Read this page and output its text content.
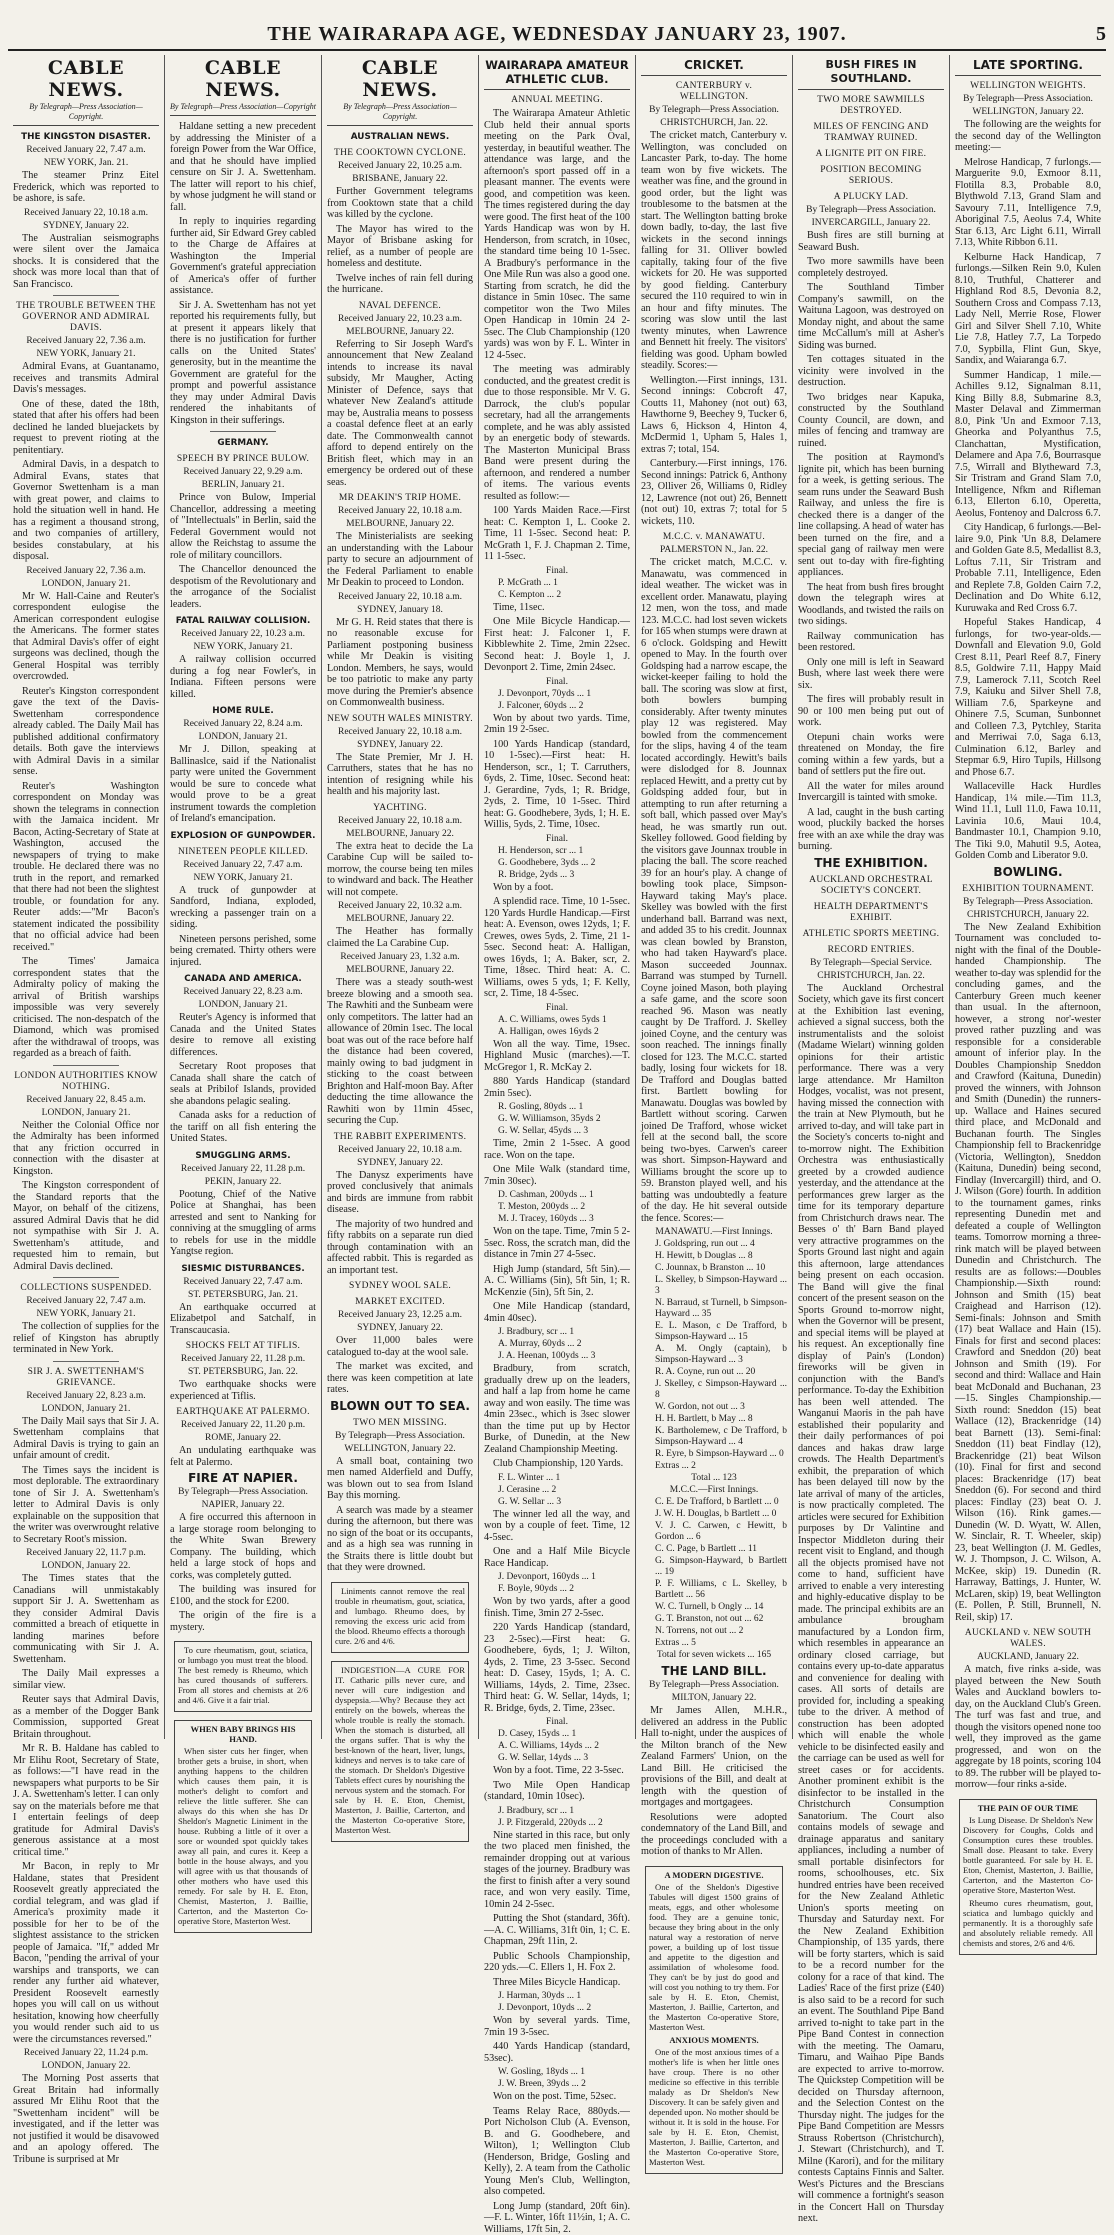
THE WAIRARAPA AGE, WEDNESDAY JANUARY 23, 1907.	5
CABLE NEWS.
By Telegraph—Press Association—Copyright.
THE KINGSTON DISASTER.
Received January 22, 7.47 a.m.
NEW YORK, Jan. 21.

The steamer Prinz Eitel Frederick, which was reported to be ashore, is safe.

Received January 22, 10.18 a.m.
SYDNEY, January 22.

The Australian seismographs were silent over the Jamaica shocks. It is considered that the shock was more local than that of San Francisco.

THE TROUBLE BETWEEN THE GOVERNOR AND ADMIRAL DAVIS.
Received January 22, 7.36 a.m.
NEW YORK, January 21.

Admiral Evans, at Guantanamo, receives and transmits Admiral Davis's messages.

One of these, dated the 18th, stated that after his offers had been declined he landed bluejackets by request to prevent rioting at the penitentiary.

Admiral Davis, in a despatch to Admiral Evans, states that Governor Swettenham is a man with great power, and claims to hold the situation well in hand. He has a regiment a thousand strong, and two companies of artillery, besides constabulary, at his disposal.

Received January 22, 7.36 a.m.
LONDON, January 21.

Mr W. Hall-Caine and Reuter's correspondent eulogise the American correspondent eulogise the Americans. The former states that Admiral Davis's offer of eight surgeons was declined, though the General Hospital was terribly overcrowded.

Reuter's Kingston correspondent gave the text of the Davis-Swettenham correspondence already cabled. The Daily Mail has published additional confirmatory details. Both gave the interviews with Admiral Davis in a similar sense.

Reuter's Washington correspondent on Monday was shown the telegrams in connection with the Jamaica incident. Mr Bacon, Acting-Secretary of State at Washington, accused the newspapers of trying to make trouble. He declared there was no truth in the report, and remarked that there had not been the slightest trouble, or foundation for any. Reuter adds:—"Mr Bacon's statement indicated the possibility that no official advice had been received."

The Times' Jamaica correspondent states that the Admiralty policy of making the arrival of British warships impossible was very severely criticised. The non-despatch of the Diamond, which was promised after the withdrawal of troops, was regarded as a breach of faith.

LONDON AUTHORITIES KNOW NOTHING.
Received January 22, 8.45 a.m.
LONDON, January 21.

Neither the Colonial Office nor the Admiralty has been informed that any friction occurred in connection with the disaster at Kingston.

The Kingston correspondent of the Standard reports that the Mayor, on behalf of the citizens, assured Admiral Davis that he did not sympathise with Sir J. A. Swettenham's attitude, and requested him to remain, but Admiral Davis declined.

COLLECTIONS SUSPENDED.
Received January 22, 7.47 a.m.
NEW YORK, January 21.

The collection of supplies for the relief of Kingston has abruptly terminated in New York.

SIR J. A. SWETTENHAM'S GRIEVANCE.
Received January 22, 8.23 a.m.
LONDON, January 21.

The Daily Mail says that Sir J. A. Swettenham complains that Admiral Davis is trying to gain an unfair amount of credit.

The Times says the incident is most deplorable. The extraordinary tone of Sir J. A. Swettenham's letter to Admiral Davis is only explainable on the supposition that the writer was overwrought relative to Secretary Root's mission.

Received January 22, 11.7 p.m.
LONDON, January 22.

The Times states that the Canadians will unmistakably support Sir J. A. Swettenham as they consider Admiral Davis committed a breach of etiquette in landing marines before communicating with Sir J. A. Swettenham.

The Daily Mail expresses a similar view.

Reuter says that Admiral Davis, as a member of the Dogger Bank Commission, supported Great Britain throughout.

Mr R. B. Haldane has cabled to Mr Elihu Root, Secretary of State, as follows:—"I have read in the newspapers what purports to be Sir J. A. Swettenham's letter. I can only say on the materials before me that I entertain feelings of deep gratitude for Admiral Davis's generous assistance at a most critical time."

Mr Bacon, in reply to Mr Haldane, states that President Roosevelt greatly appreciated the cordial telegram, and was glad if America's proximity made it possible for her to be of the slightest assistance to the stricken people of Jamaica. "If," added Mr Bacon, "pending the arrival of your warships and transports, we can render any further aid whatever, President Roosevelt earnestly hopes you will call on us without hesitation, knowing how cheerfully you would render such aid to us were the circumstances reversed."

Received January 22, 11.24 p.m.
LONDON, January 22.

The Morning Post asserts that Great Britain had informally assured Mr Elihu Root that the "Swettenham incident" will be investigated, and if the letter was not justified it would be disavowed and an apology offered. The Tribune is surprised at Mr

CABLE NEWS.
By Telegraph—Press Association—Copyright

Haldane setting a new precedent by addressing the Minister of a foreign Power from the War Office, and that he should have implied censure on Sir J. A. Swettenham. The latter will report to his chief, by whose judgment he will stand or fall.

In reply to inquiries regarding further aid, Sir Edward Grey cabled to the Charge de Affaires at Washington the Imperial Government's grateful appreciation of America's offer of further assistance.

Sir J. A. Swettenham has not yet reported his requirements fully, but at present it appears likely that there is no justification for further calls on the United States' generosity, but in the meantime the Government are grateful for the prompt and powerful assistance they may under Admiral Davis rendered the inhabitants of Kingston in their sufferings.

GERMANY.
SPEECH BY PRINCE BULOW.
Received January 22, 9.29 a.m.
BERLIN, January 21.

Prince von Bulow, Imperial Chancellor, addressing a meeting of "Intellectuals" in Berlin, said the Federal Government would not allow the Reichstag to assume the role of military councillors.

The Chancellor denounced the despotism of the Revolutionary and the arrogance of the Socialist leaders.

FATAL RAILWAY COLLISION.
Received January 22, 10.23 a.m.
NEW YORK, January 21.

A railway collision occurred during a fog near Fowler's, in Indiana. Fifteen persons were killed.

HOME RULE.
Received January 22, 8.24 a.m.
LONDON, January 21.

Mr J. Dillon, speaking at Ballinaslce, said if the Nationalist party were united the Government would be sure to concede what would prove to be a great instrument towards the completion of Ireland's emancipation.

EXPLOSION OF GUNPOWDER.
NINETEEN PEOPLE KILLED.
Received January 22, 7.47 a.m.
NEW YORK, January 21.

A truck of gunpowder at Sandford, Indiana, exploded, wrecking a passenger train on a siding.

Nineteen persons perished, some being cremated. Thirty others were injured.

CANADA AND AMERICA.
Received January 22, 8.23 a.m.
LONDON, January 21.

Reuter's Agency is informed that Canada and the United States desire to remove all existing differences.

Secretary Root proposes that Canada shall share the catch of seals at Pribilof Islands, provided she abandons pelagic sealing.

Canada asks for a reduction of the tariff on all fish entering the United States.

SMUGGLING ARMS.
Received January 22, 11.28 p.m.
PEKIN, January 22.

Pootung, Chief of the Native Police at Shanghai, has been arrested and sent to Nanking for conniving at the smuggling of arms to rebels for use in the middle Yangtse region.

SIESMIC DISTURBANCES.
Received January 22, 7.47 a.m.
ST. PETERSBURG, Jan. 21.

An earthquake occurred at Elizabetpol and Satchalf, in Transcaucasia.

SHOCKS FELT AT TIFLIS.
Received January 22, 11.28 p.m.
ST. PETERSBURG, Jan. 22.

Two earthquake shocks were experienced at Tiflis.

EARTHQUAKE AT PALERMO.
Received January 22, 11.20 p.m.
ROME, January 22.

An undulating earthquake was felt at Palermo.

FIRE AT NAPIER.
By Telegraph—Press Association.
NAPIER, January 22.

A fire occurred this afternoon in a large storage room belonging to the White Swan Brewery Company. The building, which held a large stock of hops and corks, was completely gutted.

The building was insured for £100, and the stock for £200.

The origin of the fire is a mystery.

To cure rheumatism, gout, sciatica, or lumbago you must treat the blood. The best remedy is Rheumo, which has cured thousands of sufferers. From all stores and chemists at 2/6 and 4/6. Give it a fair trial.

WHEN BABY BRINGS HIS HAND.

When sister cuts her finger, when brother gets a bruise, in short, when anything happens to the children which causes them pain, it is mother's delight to comfort and relieve the little sufferer. She can always do this when she has Dr Sheldon's Magnetic Liniment in the house. Rubbing a little of it over a sore or wounded spot quickly takes away all pain, and cures it. Keep a bottle in the house always, and you will agree with us that thousands of other mothers who have used this remedy. For sale by H. E. Eton, Chemist, Masterton, J. Baillie, Carterton, and the Masterton Co-operative Store, Masterton West.

CABLE NEWS.
By Telegraph—Press Association—Copyright.
AUSTRALIAN NEWS.
THE COOKTOWN CYCLONE.
Received January 22, 10.25 a.m.
BRISBANE, January 22.

Further Government telegrams from Cooktown state that a child was killed by the cyclone.

The Mayor has wired to the Mayor of Brisbane asking for relief, as a number of people are homeless and destitute.

Twelve inches of rain fell during the hurricane.

NAVAL DEFENCE.
Received January 22, 10.23 a.m.
MELBOURNE, January 22.

Referring to Sir Joseph Ward's announcement that New Zealand intends to increase its naval subsidy, Mr Maugher, Acting Minister of Defence, says that whatever New Zealand's attitude may be, Australia means to possess a coastal defence fleet at an early date. The Commonwealth cannot afford to depend entirely on the British fleet, which may in an emergency be ordered out of these seas.

MR DEAKIN'S TRIP HOME.
Received January 22, 10.18 a.m.
MELBOURNE, January 22.

The Ministerialists are seeking an understanding with the Labour party to secure an adjournment of the Federal Parliament to enable Mr Deakin to proceed to London.

Received January 22, 10.18 a.m.
SYDNEY, January 18.

Mr G. H. Reid states that there is no reasonable excuse for Parliament postponing business while Mr Deakin is visiting London. Members, he says, would be too patriotic to make any party move during the Premier's absence on Commonwealth business.

NEW SOUTH WALES MINISTRY.
Received January 22, 10.18 a.m.
SYDNEY, January 22.

The State Premier, Mr J. H. Carruthers, states that he has no intention of resigning while his health and his majority last.

YACHTING.
Received January 22, 10.18 a.m.
MELBOURNE, January 22.

The extra heat to decide the La Carabine Cup will be sailed to-morrow, the course being ten miles to windward and back. The Heather will not compete.

Received January 22, 10.32 a.m.
MELBOURNE, January 22.

The Heather has formally claimed the La Carabine Cup.

Received January 23, 1.32 a.m.
MELBOURNE, January 22.

There was a steady south-west breeze blowing and a smooth sea. The Rawhiti and the Sunbeam were only competitors. The latter had an allowance of 20min 1sec. The local boat was out of the race before half the distance had been covered, mainly owing to bad judgment in sticking to the coast between Brighton and Half-moon Bay. After deducting the time allowance the Rawhiti won by 11min 45sec, securing the Cup.

THE RABBIT EXPERIMENTS.
Received January 22, 10.18 a.m.
SYDNEY, January 22.

The Danysz experiments have proved conclusively that animals and birds are immune from rabbit disease.

The majority of two hundred and fifty rabbits on a separate run died through contamination with an affected rabbit. This is regarded as an important test.

SYDNEY WOOL SALE.
MARKET EXCITED.
Received January 23, 12.25 a.m.
SYDNEY, January 22.

Over 11,000 bales were catalogued to-day at the wool sale.

The market was excited, and there was keen competition at late rates.

BLOWN OUT TO SEA.
TWO MEN MISSING.
By Telegraph—Press Association.
WELLINGTON, January 22.

A small boat, containing two men named Alderfield and Duffy, was blown out to sea from Island Bay this morning.

A search was made by a steamer during the afternoon, but there was no sign of the boat or its occupants, and as a high sea was running in the Straits there is little doubt but that they were drowned.

Liniments cannot remove the real trouble in rheumatism, gout, sciatica, and lumbago. Rheumo does, by removing the excess uric acid from the blood. Rheumo effects a thorough cure. 2/6 and 4/6.

INDIGESTION—A CURE FOR IT. Catharic pills never cure, and never will cure indigestion and dyspepsia.—Why? Because they act entirely on the bowels, whereas the whole trouble is really the stomach. When the stomach is disturbed, all the organs suffer. That is why the best-known of the heart, liver, lungs, kidneys and nerves is to take care of the stomach. Dr Sheldon's Digestive Tablets effect cures by nourishing the nervous system and the stomach. For sale by H. E. Eton, Chemist, Masterton, J. Baillie, Carterton, and the Masterton Co-operative Store, Masterton West.

WAIRARAPA AMATEUR ATHLETIC CLUB.
ANNUAL MEETING.

The Wairarapa Amateur Athletic Club held their annual sports meeting on the Park Oval, yesterday, in beautiful weather. The attendance was large, and the afternoon's sport passed off in a pleasant manner. The events were good, and competition was keen. The times registered during the day were good. The first heat of the 100 Yards Handicap was won by H. Henderson, from scratch, in 10sec, the standard time being 10 1-5sec. A Bradbury's performance in the One Mile Run was also a good one. Starting from scratch, he did the distance in 5min 10sec. The same competitor won the Two Miles Open Handicap in 10min 24 2-5sec. The Club Championship (120 yards) was won by F. L. Winter in 12 4-5sec.

The meeting was admirably conducted, and the greatest credit is due to those responsible. Mr V. G. Darrock, the club's popular secretary, had all the arrangements complete, and he was ably assisted by an energetic body of stewards. The Masterton Municipal Brass Band were present during the afternoon, and rendered a number of items. The various events resulted as follow:—

100 Yards Maiden Race.—First heat: C. Kempton 1, L. Cooke 2. Time, 11 1-5sec. Second heat: P. McGrath 1, F. J. Chapman 2. Time, 11 1-5sec.

Final.
P. McGrath ... 1
C. Kempton ... 2

Time, 11sec.

One Mile Bicycle Handicap.—First heat: J. Falconer 1, F. Kibblewhite 2. Time, 2min 22sec. Second heat: J. Boyle 1, J. Devonport 2. Time, 2min 24sec.

Final.
J. Devonport, 70yds ... 1
J. Falconer, 60yds ... 2

Won by about two yards. Time, 2min 19 2-5sec.

100 Yards Handicap (standard, 10 1-5sec).—First heat: H. Henderson, scr., 1; T. Carruthers, 6yds, 2. Time, 10sec. Second heat: J. Gerardine, 7yds, 1; R. Bridge, 2yds, 2. Time, 10 1-5sec. Third heat: G. Goodhebere, 3yds, 1; H. E. Willis, 5yds, 2. Time, 10sec.

Final.
H. Henderson, scr ... 1
G. Goodhebere, 3yds ... 2
R. Bridge, 2yds ... 3

Won by a foot.

A splendid race. Time, 10 1-5sec. 120 Yards Hurdle Handicap.—First heat: A. Evenson, owes 12yds, 1; F. Crewes, owes 5yds, 2. Time, 21 1-5sec. Second heat: A. Halligan, owes 16yds, 1; A. Baker, scr, 2. Time, 18sec. Third heat: A. C. Williams, owes 5 yds, 1; F. Kelly, scr, 2. Time, 18 4-5sec.

Final.
A. C. Williams, owes 5yds 1
A. Halligan, owes 16yds 2

Won all the way. Time, 19sec. Highland Music (marches).—T. McGregor 1, R. McKay 2.

880 Yards Handicap (standard 2min 5sec).

R. Gosling, 80yds ... 1
G. W. Williamson, 35yds 2
G. W. Sellar, 45yds ... 3

Time, 2min 2 1-5sec. A good race. Won on the tape.

One Mile Walk (standard time, 7min 30sec).

D. Cashman, 200yds ... 1
T. Meston, 200yds ... 2
M. J. Tracey, 160yds ... 3

Won on the tape. Time, 7min 5 2-5sec. Ross, the scratch man, did the distance in 7min 27 4-5sec.

High Jump (standard, 5ft 5in).—A. C. Williams (5in), 5ft 5in, 1; R. McKenzie (5in), 5ft 5in, 2.

One Mile Handicap (standard, 4min 40sec).

J. Bradbury, scr ... 1
A. Murray, 60yds ... 2
J. A. Heenan, 100yds ... 3

Bradbury, from scratch, gradually drew up on the leaders, and half a lap from home he came away and won easily. The time was 4min 23sec., which is 3sec slower than the time put up by Hector Burke, of Dunedin, at the New Zealand Championship Meeting.

Club Championship, 120 Yards.

F. L. Winter ... 1
J. Cerasine ... 2
G. W. Sellar ... 3

The winner led all the way, and won by a couple of feet. Time, 12 4-5sec.

One and a Half Mile Bicycle Race Handicap.

J. Devonport, 160yds ... 1
F. Boyle, 90yds ... 2

Won by two yards, after a good finish. Time, 3min 27 2-5sec.

220 Yards Handicap (standard, 23 2-5sec).—First heat: G. Goodhebere, 6yds, 1; J. Wilton, 4yds, 2. Time, 23 3-5sec. Second heat: D. Casey, 15yds, 1; A. C. Williams, 14yds, 2. Time, 23sec. Third heat: G. W. Sellar, 14yds, 1; R. Bridge, 6yds, 2. Time, 23sec.

Final.
D. Casey, 15yds ... 1
A. C. Williams, 14yds ... 2
G. W. Sellar, 14yds ... 3

Won by a foot. Time, 22 3-5sec.

Two Mile Open Handicap (standard, 10min 10sec).

J. Bradbury, scr ... 1
J. P. Fitzgerald, 220yds ... 2

Nine started in this race, but only the two placed men finished, the remainder dropping out at various stages of the journey. Bradbury was the first to finish after a very sound race, and won very easily. Time, 10min 24 2-5sec.

Putting the Shot (standard, 36ft).—A. C. Williams, 31ft 0in, 1; C. E. Chapman, 29ft 11in, 2.

Public Schools Championship, 220 yds.—C. Ellers 1, H. Fox 2.

Three Miles Bicycle Handicap.

J. Harman, 30yds ... 1
J. Devonport, 10yds ... 2

Won by several yards. Time, 7min 19 3-5sec.

440 Yards Handicap (standard, 53sec).

W. Gosling, 18yds ... 1
J. W. Breen, 39yds ... 2

Won on the post. Time, 52sec.

Teams Relay Race, 880yds.—Port Nicholson Club (A. Evenson, B. and G. Goodhebere, and Wilton), 1; Wellington Club (Henderson, Bridge, Gosling and Kelly), 2. A team from the Catholic Young Men's Club, Wellington, also competed.

Long Jump (standard, 20ft 6in).—F. L. Winter, 16ft 11½in, 1; A. C. Williams, 17ft 5in, 2.

CRICKET.
CANTERBURY v. WELLINGTON.
By Telegraph—Press Association.
CHRISTCHURCH, Jan. 22.

The cricket match, Canterbury v. Wellington, was concluded on Lancaster Park, to-day. The home team won by five wickets. The weather was fine, and the ground in good order, but the light was troublesome to the batsmen at the start. The Wellington batting broke down badly, to-day, the last five wickets in the second innings falling for 31. Olliver bowled capitally, taking four of the five wickets for 20. He was supported by good fielding. Canterbury secured the 110 required to win in an hour and fifty minutes. The scoring was slow until the last twenty minutes, when Lawrence and Bennett hit freely. The visitors' fielding was good. Upham bowled steadily. Scores:—

Wellington.—First innings, 131. Second innings: Cobcroft 47, Coutts 11, Mahoney (not out) 63, Hawthorne 9, Beechey 9, Tucker 6, Laws 6, Hickson 4, Hinton 4, McDermid 1, Upham 5, Hales 1, extras 7; total, 154.

Canterbury.—First innings, 176. Second innings: Patrick 6, Anthony 23, Olliver 26, Williams 0, Ridley 12, Lawrence (not out) 26, Bennett (not out) 10, extras 7; total for 5 wickets, 110.

M.C.C. v. MANAWATU.
PALMERSTON N., Jan. 22.

The cricket match, M.C.C. v. Manawatu, was commenced in ideal weather. The wicket was in excellent order. Manawatu, playing 12 men, won the toss, and made 123. M.C.C. had lost seven wickets for 165 when stumps were drawn at 6 o'clock. Goldsping and Hewitt opened to May. In the fourth over Goldsping had a narrow escape, the wicket-keeper failing to hold the ball. The scoring was slow at first, both bowlers bumping considerably. After twenty minutes play 12 was registered. May bowled from the commencement for the slips, having 4 of the team located accordingly. Hewitt's bails were dislodged for 8. Jounnax replaced Hewitt, and a pretty cut by Goldsping added four, but in attempting to run after returning a soft ball, which passed over May's head, he was smartly run out. Skelley followed. Good fielding by the visitors gave Jounnax trouble in placing the ball. The score reached 39 for an hour's play. A change of bowling took place, Simpson-Hayward taking May's place. Skelley was bowled with the first underhand ball. Barrand was next, and added 35 to his credit. Jounnax was clean bowled by Branston, who had taken Hayward's place. Mason succeeded Jounnax. Barrand was stumped by Turnell. Coyne joined Mason, both playing a safe game, and the score soon reached 96. Mason was neatly caught by De Trafford. J. Skelley joined Coyne, and the century was soon reached. The innings finally closed for 123. The M.C.C. started badly, losing four wickets for 18. De Trafford and Douglas batted first. Bartlett bowling for Manawatu. Douglas was bowled by Bartlett without scoring. Carwen joined De Trafford, whose wicket fell at the second ball, the score being two-byes. Carwen's career was short. Simpson-Hayward and Williams brought the score up to 59. Branston played well, and his batting was undoubtedly a feature of the day. He hit several outside the fence. Scores:—

MANAWATU.—First Innings.
J. Goldspring, run out ... 4
H. Hewitt, b Douglas ... 8
C. Jounnax, b Branston ... 10
L. Skelley, b Simpson-Hayward ... 3
N. Barraud, st Turnell, b Simpson-Hayward ... 35
E. L. Mason, c De Trafford, b Simpson-Hayward ... 15
A. M. Ongly (captain), b Simpson-Hayward ... 3
R. A. Coyne, run out ... 20
J. Skelley, c Simpson-Hayward ... 8
W. Gordon, not out ... 3
H. H. Bartlett, b May ... 8
K. Bartholemew, c De Trafford, b Simpson-Hayward ... 4
R. Eyre, b Simpson-Hayward ... 0
Extras ... 2
Total ... 123
M.C.C.—First Innings.
C. E. De Trafford, b Bartlett ... 0
J. W. H. Douglas, b Bartlett ... 0
V. J. C. Carwen, c Hewitt, b Gordon ... 6
C. C. Page, b Bartlett ... 11
G. Simpson-Hayward, b Bartlett ... 19
P. F. Williams, c L. Skelley, b Bartlett ... 56
W. C. Turnell, b Ongly ... 14
G. T. Branston, not out ... 62
N. Torrens, not out ... 2
Extras ... 5
Total for seven wickets ... 165
THE LAND BILL.
By Telegraph—Press Association.
MILTON, January 22.

Mr James Allen, M.H.R., delivered an address in the Public Hall to-night, under the auspices of the Milton branch of the New Zealand Farmers' Union, on the Land Bill. He criticised the provisions of the Bill, and dealt at length with the question of mortgages and mortgagees.

Resolutions were adopted condemnatory of the Land Bill, and the proceedings concluded with a motion of thanks to Mr Allen.

A MODERN DIGESTIVE.

One of the Sheldon's Digestive Tabules will digest 1500 grains of meats, eggs, and other wholesome food. They are a genuine tonic, because they bring about in the only natural way a restoration of nerve power, a building up of lost tissue and appetite to the digestion and assimilation of wholesome food. They can't be by just do good and will cost you nothing to try them. For sale by H. E. Eton, Chemist, Masterton, J. Baillie, Carterton, and the Masterton Co-operative Store, Masterton West.

ANXIOUS MOMENTS.

One of the most anxious times of a mother's life is when her little ones have croup. There is no other medicine so effective in this terrible malady as Dr Sheldon's New Discovery. It can be safely given and depended upon. No mother should be without it. It is sold in the house. For sale by H. E. Eton, Chemist, Masterton, J. Baillie, Carterton, and the Masterton Co-operative Store, Masterton West.

BUSH FIRES IN SOUTHLAND.
TWO MORE SAWMILLS DESTROYED.
MILES OF FENCING AND TRAMWAY RUINED.
A LIGNITE PIT ON FIRE.
POSITION BECOMING SERIOUS.
A PLUCKY LAD.
By Telegraph—Press Association.
INVERCARGILL, January 22.

Bush fires are still burning at Seaward Bush.

Two more sawmills have been completely destroyed.

The Southland Timber Company's sawmill, on the Waituna Lagoon, was destroyed on Monday night, and about the same time McCallum's mill at Asher's Siding was burned.

Ten cottages situated in the vicinity were involved in the destruction.

Two bridges near Kapuka, constructed by the Southland County Council, are down, and miles of fencing and tramway are ruined.

The position at Raymond's lignite pit, which has been burning for a week, is getting serious. The seam runs under the Seaward Bush Railway, and unless the fire is checked there is a danger of the line collapsing. A head of water has been turned on the fire, and a special gang of railway men were sent out to-day with fire-fighting appliances.

The heat from bush fires brought down the telegraph wires at Woodlands, and twisted the rails on two sidings.

Railway communication has been restored.

Only one mill is left in Seaward Bush, where last week there were six.

The fires will probably result in 90 or 100 men being put out of work.

Otepuni chain works were threatened on Monday, the fire coming within a few yards, but a band of settlers put the fire out.

All the water for miles around Invercargill is tainted with smoke.

A lad, caught in the bush carting wood, pluckily backed the horses free with an axe while the dray was burning.

THE EXHIBITION.
AUCKLAND ORCHESTRAL SOCIETY'S CONCERT.
HEALTH DEPARTMENT'S EXHIBIT.
ATHLETIC SPORTS MEETING.
RECORD ENTRIES.
By Telegraph—Special Service.
CHRISTCHURCH, Jan. 22.

The Auckland Orchestral Society, which gave its first concert at the Exhibition last evening, achieved a signal success, both the instrumentalists and the soloist (Madame Wielart) winning golden opinions for their artistic performance. There was a very large attendance. Mr Hamilton Hodges, vocalist, was not present, having missed the connection with the train at New Plymouth, but he arrived to-day, and will take part in the Society's concerts to-night and to-morrow night. The Exhibition Orchestra was enthusiastically greeted by a crowded audience yesterday, and the attendance at the performances grew larger as the time for its temporary departure from Christchurch draws near. The Besses o' th' Barn Band played very attractive programmes on the Sports Ground last night and again this afternoon, large attendances being present on each occasion. The Band will give the final concert of the present season on the Sports Ground to-morrow night, when the Governor will be present, and special items will be played at his request. An exceptionally fine display of Pain's (London) fireworks will be given in conjunction with the Band's performance. To-day the Exhibition has been well attended. The Wanganui Maoris in the pah have established their popularity and their daily performances of poi dances and hakas draw large crowds. The Health Department's exhibit, the preparation of which has been delayed till now by the late arrival of many of the articles, is now practically completed. The articles were secured for Exhibition purposes by Dr Valintine and Inspector Middleton during their recent visit to England, and though all the objects promised have not come to hand, sufficient have arrived to enable a very interesting and highly-educative display to be made. The principal exhibits are an ambulance brougham manufactured by a London firm, which resembles in appearance an ordinary closed carriage, but contains every up-to-date apparatus and convenience for dealing with cases. All sorts of details are provided for, including a speaking tube to the driver. A method of construction has been adopted which will enable the whole vehicle to be disinfected easily and the carriage can be used as well for street cases or for accidents. Another prominent exhibit is the disinfector to be installed in the Christchurch Consumption Sanatorium. The Court also contains models of sewage and drainage apparatus and sanitary appliances, including a number of small portable disinfectors for rooms, schoolhouses, etc. Six hundred entries have been received for the New Zealand Athletic Union's sports meeting on Thursday and Saturday next. For the New Zealand Exhibition Championship, of 135 yards, there will be forty starters, which is said to be a record number for the colony for a race of that kind. The Ladies' Race of the first prize (£40) is also said to be a record for such an event. The Southland Pipe Band arrived to-night to take part in the Pipe Band Contest in connection with the meeting. The Oamaru, Timaru, and Waihao Pipe Bands are expected to arrive to-morrow. The Quickstep Competition will be decided on Thursday afternoon, and the Selection Contest on the Thursday night. The judges for the Pipe Band Competition are Messrs Strauss Robertson (Christchurch), J. Stewart (Christchurch), and T. Milne (Karori), and for the military contests Captains Finnis and Salter. West's Pictures and the Brescians will commence a fortnight's season in the Concert Hall on Thursday next.

LATE SPORTING.
WELLINGTON WEIGHTS.
By Telegraph—Press Association.
WELLINGTON, January 22.

The following are the weights for the second day of the Wellington meeting:—

Melrose Handicap, 7 furlongs.—Marguerite 9.0, Exmoor 8.11, Flotilla 8.3, Probable 8.0, Blythwold 7.13, Grand Slam and Savoury 7.11, Intelligence 7.9, Aboriginal 7.5, Aeolus 7.4, White Star 6.13, Arc Light 6.11, Wirrall 7.13, White Ribbon 6.11.

Kelburne Hack Handicap, 7 furlongs.—Silken Rein 9.0, Kulen 8.10, Truthful, Chatterer and Highland Rod 8.5, Devonia 8.2, Southern Cross and Compass 7.13, Lady Nell, Merrie Rose, Flower Girl and Silver Shell 7.10, White Lie 7.8, Hatley 7.7, La Torpedo 7.0, Sypbilla, Flint Gun, Skye, Sandix, and Waiaranga 6.7.

Summer Handicap, 1 mile.—Achilles 9.12, Signalman 8.11, King Billy 8.8, Submarine 8.3, Master Delaval and Zimmerman 8.0, Pink 'Un and Exmoor 7.13, Gheorka and Polyanthus 7.5, Clanchattan, Mystification, Delamere and Apa 7.6, Bourrasque 7.5, Wirrall and Blytheward 7.3, Sir Tristram and Grand Slam 7.0, Intelligence, Nfkm and Rifleman 6.13, Ellerton 6.10, Operetta, Aeolus, Fontenoy and Dalcross 6.7.

City Handicap, 6 furlongs.—Bel-laire 9.0, Pink 'Un 8.8, Delamere and Golden Gate 8.5, Medallist 8.3, Loftus 7.11, Sir Tristram and Probable 7.11, Intelligence, Eden and Replete 7.8, Golden Cairn 7.2, Declination and Do White 6.12, Kuruwaka and Red Cross 6.7.

Hopeful Stakes Handicap, 4 furlongs, for two-year-olds.—Downfall and Elevation 9.0, Gold Crest 8.11, Pearl Reef 8.7, Finery 8.5, Goldwire 7.11, Happy Maid 7.9, Lamerock 7.11, Scotch Reel 7.9, Kaiuku and Silver Shell 7.8, William 7.6, Sparkeyne and Ohinere 7.5, Scuman, Sunbonnet and Colleen 7.3, Pytchley, Starita and Merriwai 7.0, Saga 6.13, Culmination 6.12, Barley and Stepmar 6.9, Hiro Tupils, Hillsong and Phose 6.7.

Wallaceville Hack Hurdles Handicap, 1¼ mile.—Tim 11.3, Wind 11.1, Lull 11.0, Fawa 10.11, Lavinia 10.6, Maui 10.4, Bandmaster 10.1, Champion 9.10, The Tiki 9.0, Mahutil 9.5, Aotea, Golden Comb and Liberator 9.0.

BOWLING.
EXHIBITION TOURNAMENT.
By Telegraph—Press Association.
CHRISTCHURCH, January 22.

The New Zealand Exhibition Tournament was concluded to-night with the final of the Double-handed Championship. The weather to-day was splendid for the concluding games, and the Canterbury Green much keener than usual. In the afternoon, however, a strong nor'-wester proved rather puzzling and was responsible for a considerable amount of inferior play. In the Doubles Championship Sneddon and Crawford (Kaituna, Dunedin) proved the winners, with Johnson and Smith (Dunedin) the runners-up. Wallace and Haines secured third place, and McDonald and Buchanan fourth. The Singles Championship fell to Brackenridge (Victoria, Wellington), Sneddon (Kaituna, Dunedin) being second, Findlay (Invercargill) third, and O. J. Wilson (Gore) fourth. In addition to the tournament games, rinks representing Dunedin met and defeated a couple of Wellington teams. Tomorrow morning a three-rink match will be played between Dunedin and Christchurch. The results are as follows:—Doubles Championship.—Sixth round: Johnson and Smith (15) beat Craighead and Harrison (12). Semi-finals: Johnson and Smith (17) beat Wallace and Hain (15). Finals for first and second places: Crawford and Sneddon (20) beat Johnson and Smith (19). For second and third: Wallace and Hain beat McDonald and Buchanan, 23—15. Singles Championship.—Sixth round: Sneddon (15) beat Wallace (12), Brackenridge (14) beat Barnett (13). Semi-final: Sneddon (11) beat Findlay (12), Brackenridge (21) beat Wilson (10). Final for first and second places: Brackenridge (17) beat Sneddon (6). For second and third places: Findlay (23) beat O. J. Wilson (16). Rink games.—Dunedin (W. D. Wyatt, W. Allen, W. Sinclair, R. T. Wheeler, skip) 23, beat Wellington (J. M. Gedles, W. J. Thompson, J. C. Wilson, A. McKee, skip) 19. Dunedin (R. Harraway, Battings, J. Hunter, W. McLaren, skip) 19, beat Wellington (E. Pollen, P. Still, Brunnell, N. Reil, skip) 17.

AUCKLAND v. NEW SOUTH WALES.
AUCKLAND, January 22.

A match, five rinks a-side, was played between the New South Wales and Auckland bowlers to-day, on the Auckland Club's Green. The turf was fast and true, and though the visitors opened none too well, they improved as the game progressed, and won on the aggregate by 18 points, scoring 104 to 89. The rubber will be played to-morrow—four rinks a-side.

THE PAIN OF OUR TIME

Is Lung Disease. Dr Sheldon's New Discovery for Coughs, Colds and Consumption cures these troubles. Small dose. Pleasant to take. Every bottle guaranteed. For sale by H. E. Eton, Chemist, Masterton, J. Baillie, Carterton, and the Masterton Co-operative Store, Masterton West.

Rheumo cures rheumatism, gout, sciatica and lumbago quickly and permanently. It is a thoroughly safe and absolutely reliable remedy. All chemists and stores, 2/6 and 4/6.
